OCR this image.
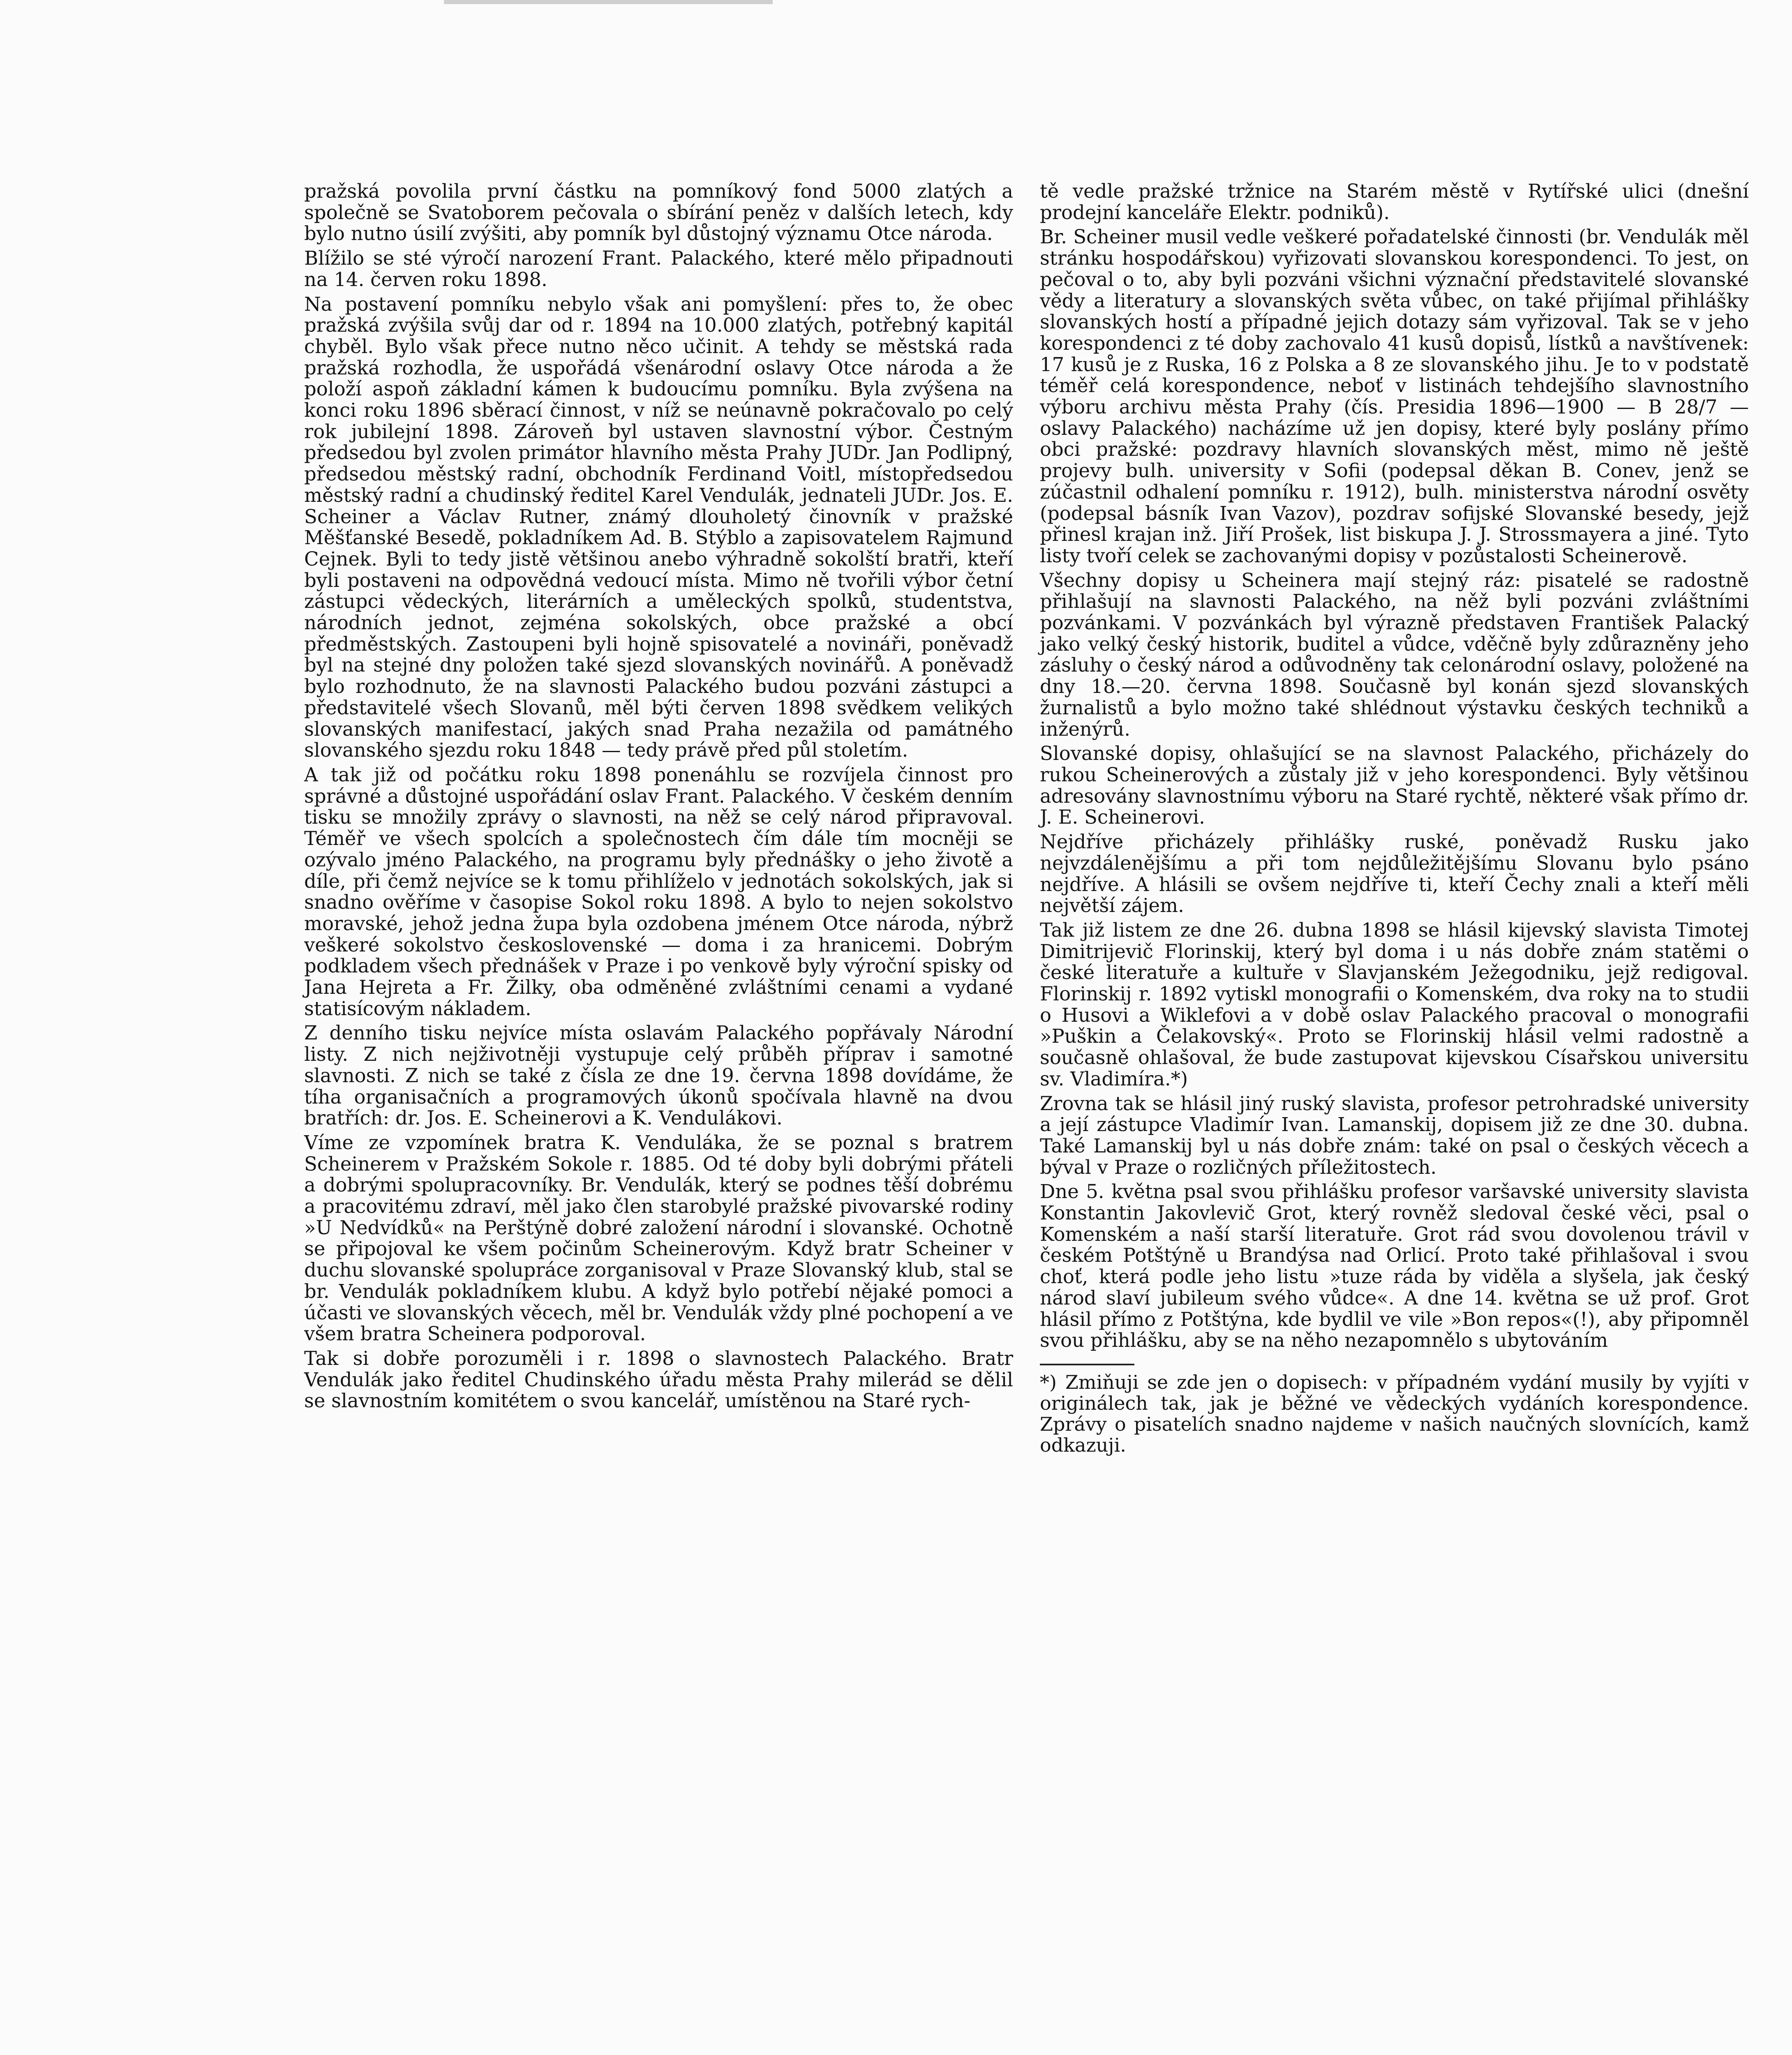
pražská povolila první částku na pomníkový fond 5000 zlatých a společně se Svatoborem pečovala o sbírání peněz v dalších letech, kdy bylo nutno úsilí zvýšiti, aby pomník byl důstojný významu Otce národa.

Blížilo se sté výročí narození Frant. Palackého, které mělo připadnouti na 14. červen roku 1898.

Na postavení pomníku nebylo však ani pomyšlení: přes to, že obec pražská zvýšila svůj dar od r. 1894 na 10.000 zlatých, potřebný kapitál chyběl. Bylo však přece nutno něco učinit. A tehdy se městská rada pražská rozhodla, že uspořádá všenárodní oslavy Otce národa a že položí aspoň základní kámen k budoucímu pomníku. Byla zvýšena na konci roku 1896 sběrací činnost, v níž se neúnavně pokračovalo po celý rok jubilejní 1898. Zároveň byl ustaven slavnostní výbor. Čestným předsedou byl zvolen primátor hlavního města Prahy JUDr. Jan Podlipný, předsedou městský radní, obchodník Ferdinand Voitl, místopředsedou městský radní a chudinský ředitel Karel Vendulák, jednateli JUDr. Jos. E. Scheiner a Václav Rutner, známý dlouholetý činovník v pražské Měšťanské Besedě, pokladníkem Ad. B. Stýblo a zapisovatelem Rajmund Cejnek. Byli to tedy jistě většinou anebo výhradně sokolští bratři, kteří byli postaveni na odpovědná vedoucí místa. Mimo ně tvořili výbor četní zástupci vědeckých, literárních a uměleckých spolků, studentstva, národních jednot, zejména sokolských, obce pražské a obcí předměstských. Zastoupeni byli hojně spisovatelé a novináři, poněvadž byl na stejné dny položen také sjezd slovanských novinářů. A poněvadž bylo rozhodnuto, že na slavnosti Palackého budou pozváni zástupci a představitelé všech Slovanů, měl býti červen 1898 svědkem velikých slovanských manifestací, jakých snad Praha nezažila od památného slovanského sjezdu roku 1848 — tedy právě před půl stoletím.

A tak již od počátku roku 1898 ponenáhlu se rozvíjela činnost pro správné a důstojné uspořádání oslav Frant. Palackého. V českém denním tisku se množily zprávy o slavnosti, na něž se celý národ připravoval. Téměř ve všech spolcích a společnostech čím dále tím mocněji se ozývalo jméno Palackého, na programu byly přednášky o jeho životě a díle, při čemž nejvíce se k tomu přihlíželo v jednotách sokolských, jak si snadno ověříme v časopise Sokol roku 1898. A bylo to nejen sokolstvo moravské, jehož jedna župa byla ozdobena jménem Otce národa, nýbrž veškeré sokolstvo československé — doma i za hranicemi. Dobrým podkladem všech přednášek v Praze i po venkově byly výroční spisky od Jana Hejreta a Fr. Žilky, oba odměněné zvláštními cenami a vydané statisícovým nákladem.

Z denního tisku nejvíce místa oslavám Palackého popřávaly Národní listy. Z nich nejživotněji vystupuje celý průběh příprav i samotné slavnosti. Z nich se také z čísla ze dne 19. června 1898 dovídáme, že tíha organisačních a programových úkonů spočívala hlavně na dvou bratřích: dr. Jos. E. Scheinerovi a K. Vendulákovi.

Víme ze vzpomínek bratra K. Venduláka, že se poznal s bratrem Scheinerem v Pražském Sokole r. 1885. Od té doby byli dobrými přáteli a dobrými spolupracovníky. Br. Vendulák, který se podnes těší dobrému a pracovitému zdraví, měl jako člen starobylé pražské pivovarské rodiny »U Nedvídků« na Perštýně dobré založení národní i slovanské. Ochotně se připojoval ke všem počinům Scheinerovým. Když bratr Scheiner v duchu slovanské spolupráce zorganisoval v Praze Slovanský klub, stal se br. Vendulák pokladníkem klubu. A když bylo potřebí nějaké pomoci a účasti ve slovanských věcech, měl br. Vendulák vždy plné pochopení a ve všem bratra Scheinera podporoval.

Tak si dobře porozuměli i r. 1898 o slavnostech Palackého. Bratr Vendulák jako ředitel Chudinského úřadu města Prahy milerád se dělil se slavnostním komitétem o svou kancelář, umístěnou na Staré rych-

tě vedle pražské tržnice na Starém městě v Rytířské ulici (dnešní prodejní kanceláře Elektr. podniků).

Br. Scheiner musil vedle veškeré pořadatelské činnosti (br. Vendulák měl stránku hospodářskou) vyřizovati slovanskou korespondenci. To jest, on pečoval o to, aby byli pozváni všichni význační představitelé slovanské vědy a literatury a slovanských světa vůbec, on také přijímal přihlášky slovanských hostí a případné jejich dotazy sám vyřizoval. Tak se v jeho korespondenci z té doby zachovalo 41 kusů dopisů, lístků a navštívenek: 17 kusů je z Ruska, 16 z Polska a 8 ze slovanského jihu. Je to v podstatě téměř celá korespondence, neboť v listinách tehdejšího slavnostního výboru archivu města Prahy (čís. Presidia 1896—1900 — B 28/7 — oslavy Palackého) nacházíme už jen dopisy, které byly poslány přímo obci pražské: pozdravy hlavních slovanských měst, mimo ně ještě projevy bulh. university v Sofii (podepsal děkan B. Conev, jenž se zúčastnil odhalení pomníku r. 1912), bulh. ministerstva národní osvěty (podepsal básník Ivan Vazov), pozdrav sofijské Slovanské besedy, jejž přinesl krajan inž. Jiří Prošek, list biskupa J. J. Strossmayera a jiné. Tyto listy tvoří celek se zachovanými dopisy v pozůstalosti Scheinerově.

Všechny dopisy u Scheinera mají stejný ráz: pisatelé se radostně přihlašují na slavnosti Palackého, na něž byli pozváni zvláštními pozvánkami. V pozvánkách byl výrazně představen František Palacký jako velký český historik, buditel a vůdce, vděčně byly zdůrazněny jeho zásluhy o český národ a odůvodněny tak celonárodní oslavy, položené na dny 18.—20. června 1898. Současně byl konán sjezd slovanských žurnalistů a bylo možno také shlédnout výstavku českých techniků a inženýrů.

Slovanské dopisy, ohlašující se na slavnost Palackého, přicházely do rukou Scheinerových a zůstaly již v jeho korespondenci. Byly většinou adresovány slavnostnímu výboru na Staré rychtě, některé však přímo dr. J. E. Scheinerovi.

Nejdříve přicházely přihlášky ruské, poněvadž Rusku jako nejvzdálenějšímu a při tom nejdůležitějšímu Slovanu bylo psáno nejdříve. A hlásili se ovšem nejdříve ti, kteří Čechy znali a kteří měli největší zájem.

Tak již listem ze dne 26. dubna 1898 se hlásil kijevský slavista Timotej Dimitrijevič Florinskij, který byl doma i u nás dobře znám statěmi o české literatuře a kultuře v Slavjanském Ježegodniku, jejž redigoval. Florinskij r. 1892 vytiskl monografii o Komenském, dva roky na to studii o Husovi a Wiklefovi a v době oslav Palackého pracoval o monografii »Puškin a Čelakovský«. Proto se Florinskij hlásil velmi radostně a současně ohlašoval, že bude zastupovat kijevskou Císařskou universitu sv. Vladimíra.*)

Zrovna tak se hlásil jiný ruský slavista, profesor petrohradské university a její zástupce Vladimír Ivan. Lamanskij, dopisem již ze dne 30. dubna. Také Lamanskij byl u nás dobře znám: také on psal o českých věcech a býval v Praze o rozličných příležitostech.

Dne 5. května psal svou přihlášku profesor varšavské university slavista Konstantin Jakovlevič Grot, který rovněž sledoval české věci, psal o Komenském a naší starší literatuře. Grot rád svou dovolenou trávil v českém Potštýně u Brandýsa nad Orlicí. Proto také přihlašoval i svou choť, která podle jeho listu »tuze ráda by viděla a slyšela, jak český národ slaví jubileum svého vůdce«. A dne 14. května se už prof. Grot hlásil přímo z Potštýna, kde bydlil ve vile »Bon repos«(!), aby připomněl svou přihlášku, aby se na něho nezapomnělo s ubytováním

*) Zmiňuji se zde jen o dopisech: v případném vydání musily by vyjíti v originálech tak, jak je běžné ve vědeckých vydáních korespondence. Zprávy o pisatelích snadno najdeme v našich naučných slovnících, kamž odkazuji.
